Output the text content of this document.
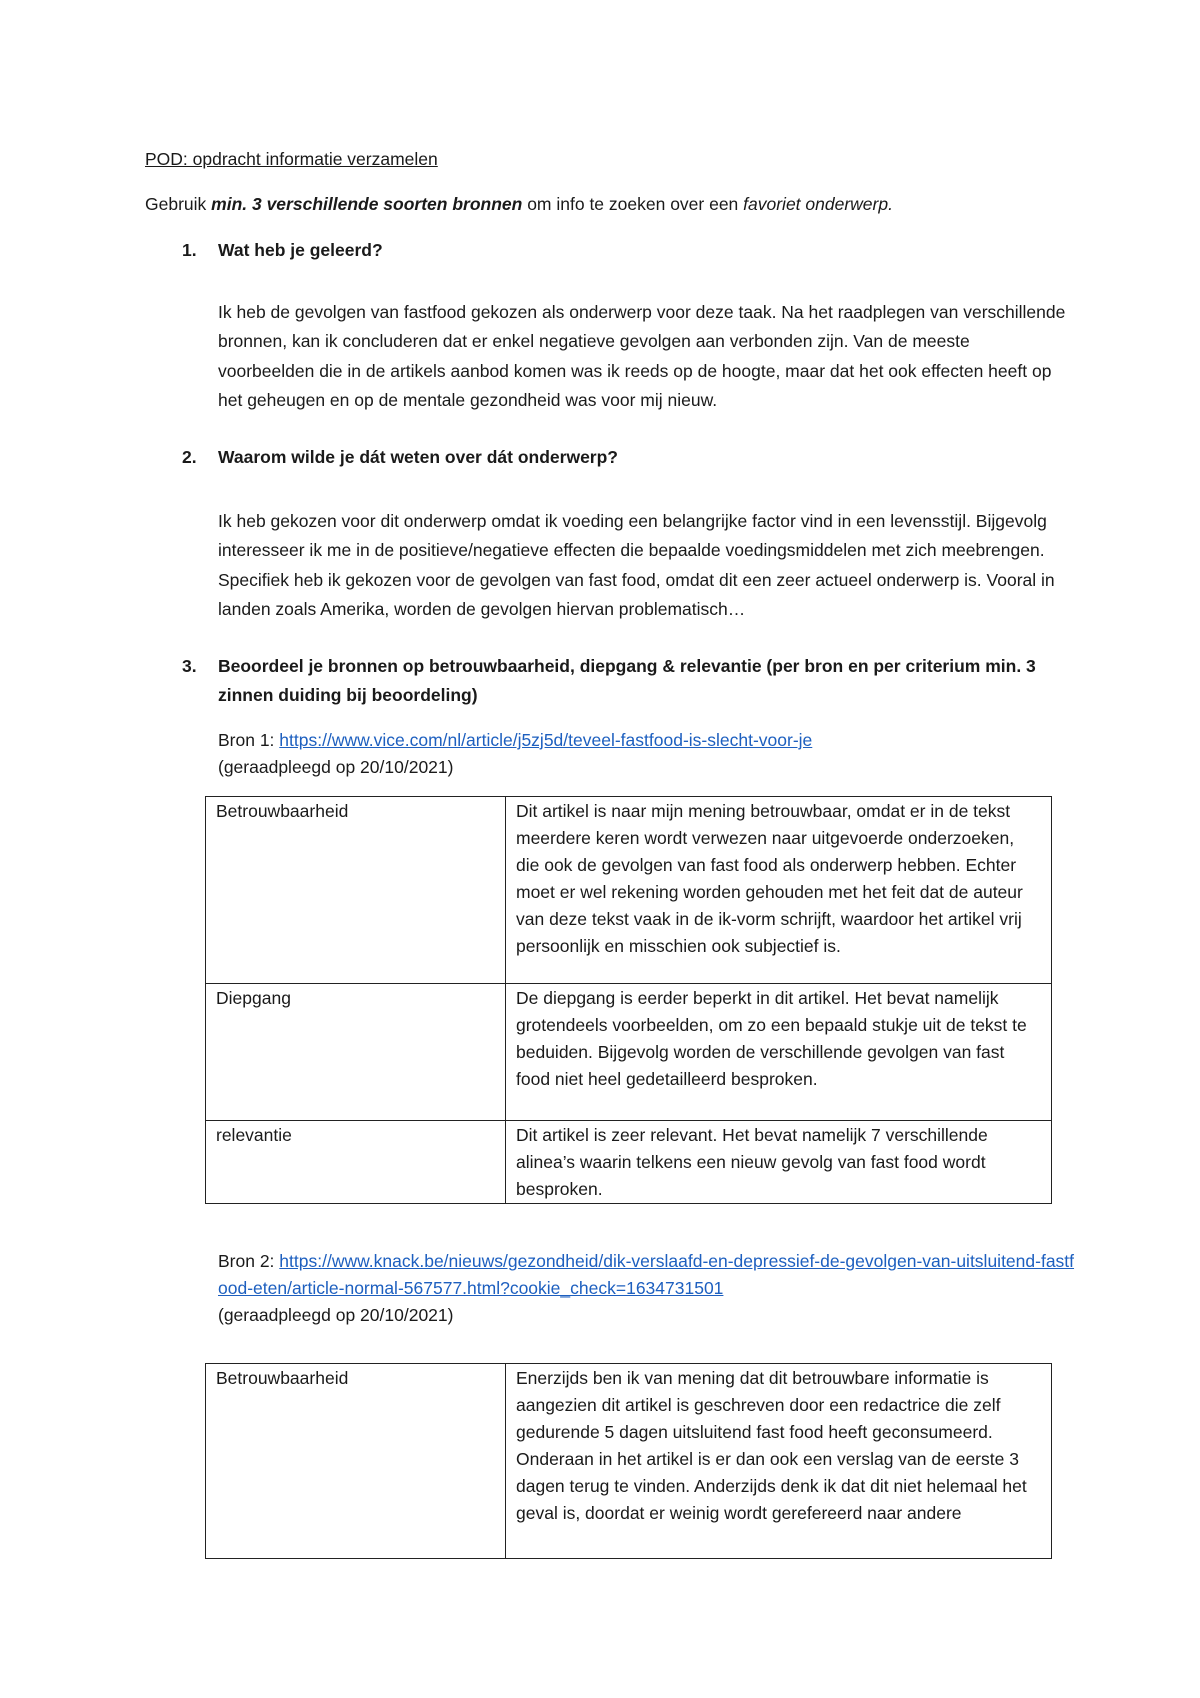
POD: opdracht informatie verzamelen

Gebruik min. 3 verschillende soorten bronnen om info te zoeken over een favoriet onderwerp.

1. Wat heb je geleerd?

Ik heb de gevolgen van fastfood gekozen als onderwerp voor deze taak. Na het raadplegen van verschillende bronnen, kan ik concluderen dat er enkel negatieve gevolgen aan verbonden zijn. Van de meeste voorbeelden die in de artikels aanbod komen was ik reeds op de hoogte, maar dat het ook effecten heeft op het geheugen en op de mentale gezondheid was voor mij nieuw.

2. Waarom wilde je dát weten over dát onderwerp?

Ik heb gekozen voor dit onderwerp omdat ik voeding een belangrijke factor vind in een levensstijl. Bijgevolg interesseer ik me in de positieve/negatieve effecten die bepaalde voedingsmiddelen met zich meebrengen. Specifiek heb ik gekozen voor de gevolgen van fast food, omdat dit een zeer actueel onderwerp is. Vooral in landen zoals Amerika, worden de gevolgen hiervan problematisch…

3. Beoordeel je bronnen op betrouwbaarheid, diepgang & relevantie (per bron en per criterium min. 3 zinnen duiding bij beoordeling)
Bron 1: https://www.vice.com/nl/article/j5zj5d/teveel-fastfood-is-slecht-voor-je
(geraadpleegd op 20/10/2021)
Betrouwbaarheid	Dit artikel is naar mijn mening betrouwbaar, omdat er in de tekst meerdere keren wordt verwezen naar uitgevoerde onderzoeken, die ook de gevolgen van fast food als onderwerp hebben. Echter moet er wel rekening worden gehouden met het feit dat de auteur van deze tekst vaak in de ik-vorm schrijft, waardoor het artikel vrij persoonlijk en misschien ook subjectief is.
Diepgang	De diepgang is eerder beperkt in dit artikel. Het bevat namelijk grotendeels voorbeelden, om zo een bepaald stukje uit de tekst te beduiden. Bijgevolg worden de verschillende gevolgen van fast food niet heel gedetailleerd besproken.
relevantie	Dit artikel is zeer relevant. Het bevat namelijk 7 verschillende alinea’s waarin telkens een nieuw gevolg van fast food wordt besproken.
Bron 2: https://www.knack.be/nieuws/gezondheid/dik-verslaafd-en-depressief-de-gevolgen-van-uitsluitend-fastfood-eten/article-normal-567577.html?cookie_check=1634731501
(geraadpleegd op 20/10/2021)
Betrouwbaarheid	Enerzijds ben ik van mening dat dit betrouwbare informatie is aangezien dit artikel is geschreven door een redactrice die zelf gedurende 5 dagen uitsluitend fast food heeft geconsumeerd. Onderaan in het artikel is er dan ook een verslag van de eerste 3 dagen terug te vinden. Anderzijds denk ik dat dit niet helemaal het geval is, doordat er weinig wordt gerefereerd naar andere
